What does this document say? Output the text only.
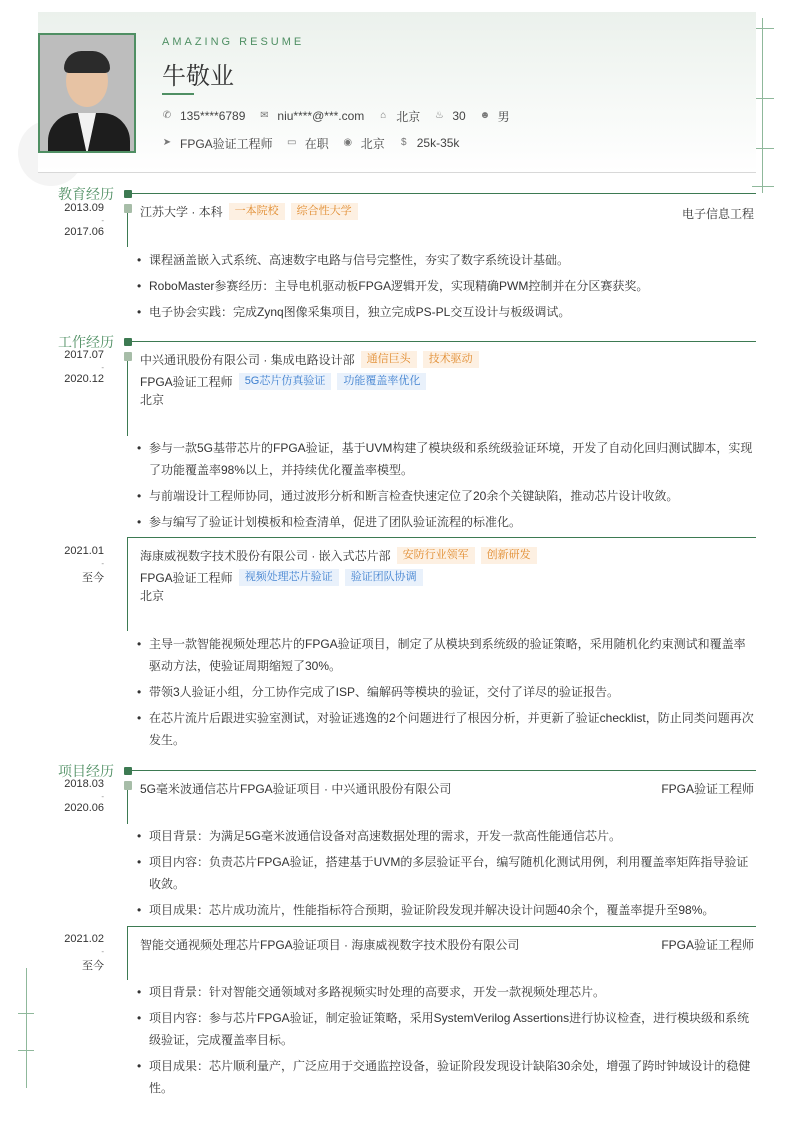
AMAZING RESUME
牛敬业
✆ 135****6789 ✉ niu****@***.com ⌂ 北京 ♨ 30 ☻ 男
➤ FPGA验证工程师 ▭ 在职 ◉ 北京 $ 25k-35k
教育经历
2013.09
-
2017.06
江苏大学 · 本科	一本院校	综合性大学	电子信息工程
• 课程涵盖嵌入式系统、高速数字电路与信号完整性，夯实了数字系统设计基础。
• RoboMaster参赛经历：主导电机驱动板FPGA逻辑开发，实现精确PWM控制并在分区赛获奖。
• 电子协会实践：完成Zynq图像采集项目，独立完成PS-PL交互设计与板级调试。
工作经历
2017.07
-
2020.12
中兴通讯股份有限公司 · 集成电路设计部	通信巨头	技术驱动
FPGA验证工程师	5G芯片仿真验证	功能覆盖率优化
北京
• 参与一款5G基带芯片的FPGA验证，基于UVM构建了模块级和系统级验证环境，开发了自动化回归测试脚本，实现了功能覆盖率98%以上，并持续优化覆盖率模型。
• 与前端设计工程师协同，通过波形分析和断言检查快速定位了20余个关键缺陷，推动芯片设计收敛。
• 参与编写了验证计划模板和检查清单，促进了团队验证流程的标准化。
2021.01
-
至今
海康威视数字技术股份有限公司 · 嵌入式芯片部	安防行业领军	创新研发
FPGA验证工程师	视频处理芯片验证	验证团队协调
北京
• 主导一款智能视频处理芯片的FPGA验证项目，制定了从模块到系统级的验证策略，采用随机化约束测试和覆盖率驱动方法，使验证周期缩短了30%。
• 带领3人验证小组，分工协作完成了ISP、编解码等模块的验证，交付了详尽的验证报告。
• 在芯片流片后跟进实验室测试，对验证逃逸的2个问题进行了根因分析，并更新了验证checklist，防止同类问题再次发生。
项目经历
2018.03
-
2020.06
5G毫米波通信芯片FPGA验证项目 · 中兴通讯股份有限公司	FPGA验证工程师
• 项目背景：为满足5G毫米波通信设备对高速数据处理的需求，开发一款高性能通信芯片。
• 项目内容：负责芯片FPGA验证，搭建基于UVM的多层验证平台，编写随机化测试用例，利用覆盖率矩阵指导验证收敛。
• 项目成果：芯片成功流片，性能指标符合预期，验证阶段发现并解决设计问题40余个，覆盖率提升至98%。
2021.02
-
至今
智能交通视频处理芯片FPGA验证项目 · 海康威视数字技术股份有限公司	FPGA验证工程师
• 项目背景：针对智能交通领域对多路视频实时处理的高要求，开发一款视频处理芯片。
• 项目内容：参与芯片FPGA验证，制定验证策略，采用SystemVerilog Assertions进行协议检查，进行模块级和系统级验证，完成覆盖率目标。
• 项目成果：芯片顺利量产，广泛应用于交通监控设备，验证阶段发现设计缺陷30余处，增强了跨时钟域设计的稳健性。
